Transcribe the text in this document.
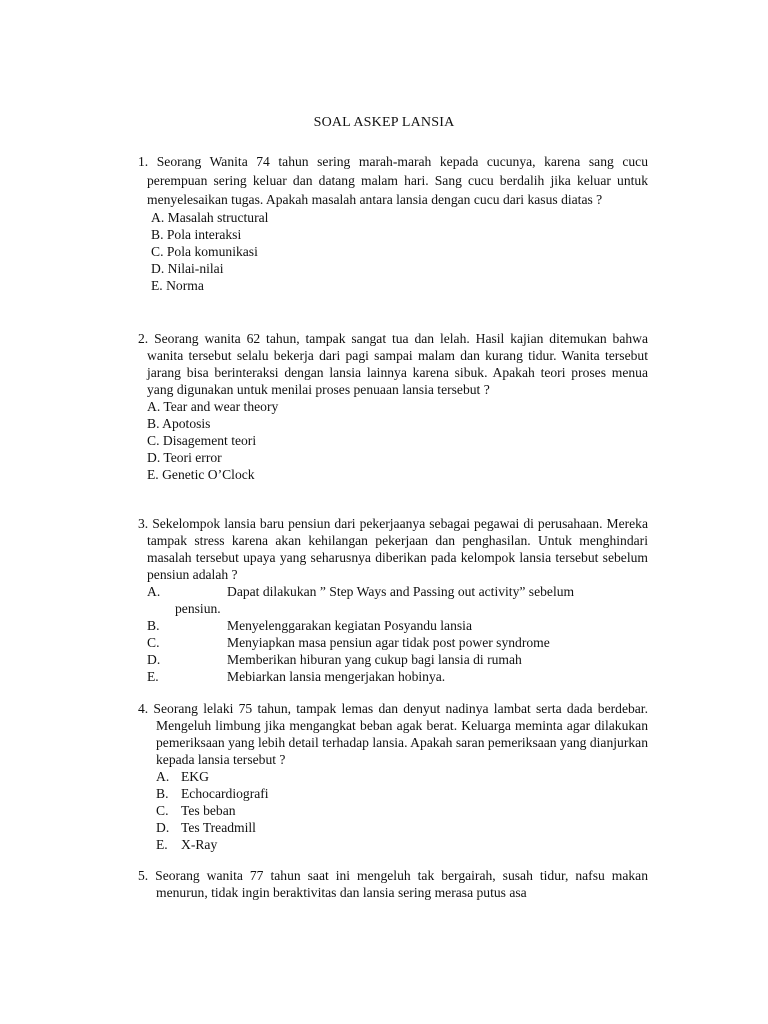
SOAL ASKEP LANSIA
1. Seorang Wanita 74 tahun sering marah-marah kepada cucunya, karena sang cucu perempuan sering keluar dan datang malam hari. Sang cucu berdalih jika keluar untuk menyelesaikan tugas. Apakah masalah antara lansia dengan cucu dari kasus diatas ?
A. Masalah structural
B. Pola interaksi
C. Pola komunikasi
D. Nilai-nilai
E. Norma
2. Seorang wanita 62 tahun, tampak sangat tua dan lelah. Hasil kajian ditemukan bahwa wanita tersebut selalu bekerja dari pagi sampai malam dan kurang tidur. Wanita tersebut jarang bisa berinteraksi dengan lansia lainnya karena sibuk. Apakah teori proses menua yang digunakan untuk menilai proses penuaan lansia tersebut ?
A. Tear and wear theory
B. Apotosis
C. Disagement teori
D. Teori error
E. Genetic O’Clock
3. Sekelompok lansia baru pensiun dari pekerjaanya sebagai pegawai di perusahaan. Mereka tampak stress karena akan kehilangan pekerjaan dan penghasilan. Untuk menghindari masalah tersebut upaya yang seharusnya diberikan pada kelompok lansia tersebut sebelum pensiun adalah ?
A.	Dapat dilakukan ” Step Ways and Passing out activity” sebelum
pensiun.
B.	Menyelenggarakan kegiatan Posyandu lansia
C.	Menyiapkan masa pensiun agar tidak post power syndrome
D.	Memberikan hiburan yang cukup bagi lansia di rumah
E.	Mebiarkan lansia mengerjakan hobinya.
4. Seorang lelaki 75 tahun, tampak lemas dan denyut nadinya lambat serta dada berdebar. Mengeluh limbung jika mengangkat beban agak berat. Keluarga meminta agar dilakukan pemeriksaan yang lebih detail terhadap lansia. Apakah saran pemeriksaan yang dianjurkan kepada lansia tersebut ?
A. EKG
B. Echocardiografi
C. Tes beban
D. Tes Treadmill
E. X-Ray
5. Seorang wanita 77 tahun saat ini mengeluh tak bergairah, susah tidur, nafsu makan menurun, tidak ingin beraktivitas dan lansia sering merasa putus asa
